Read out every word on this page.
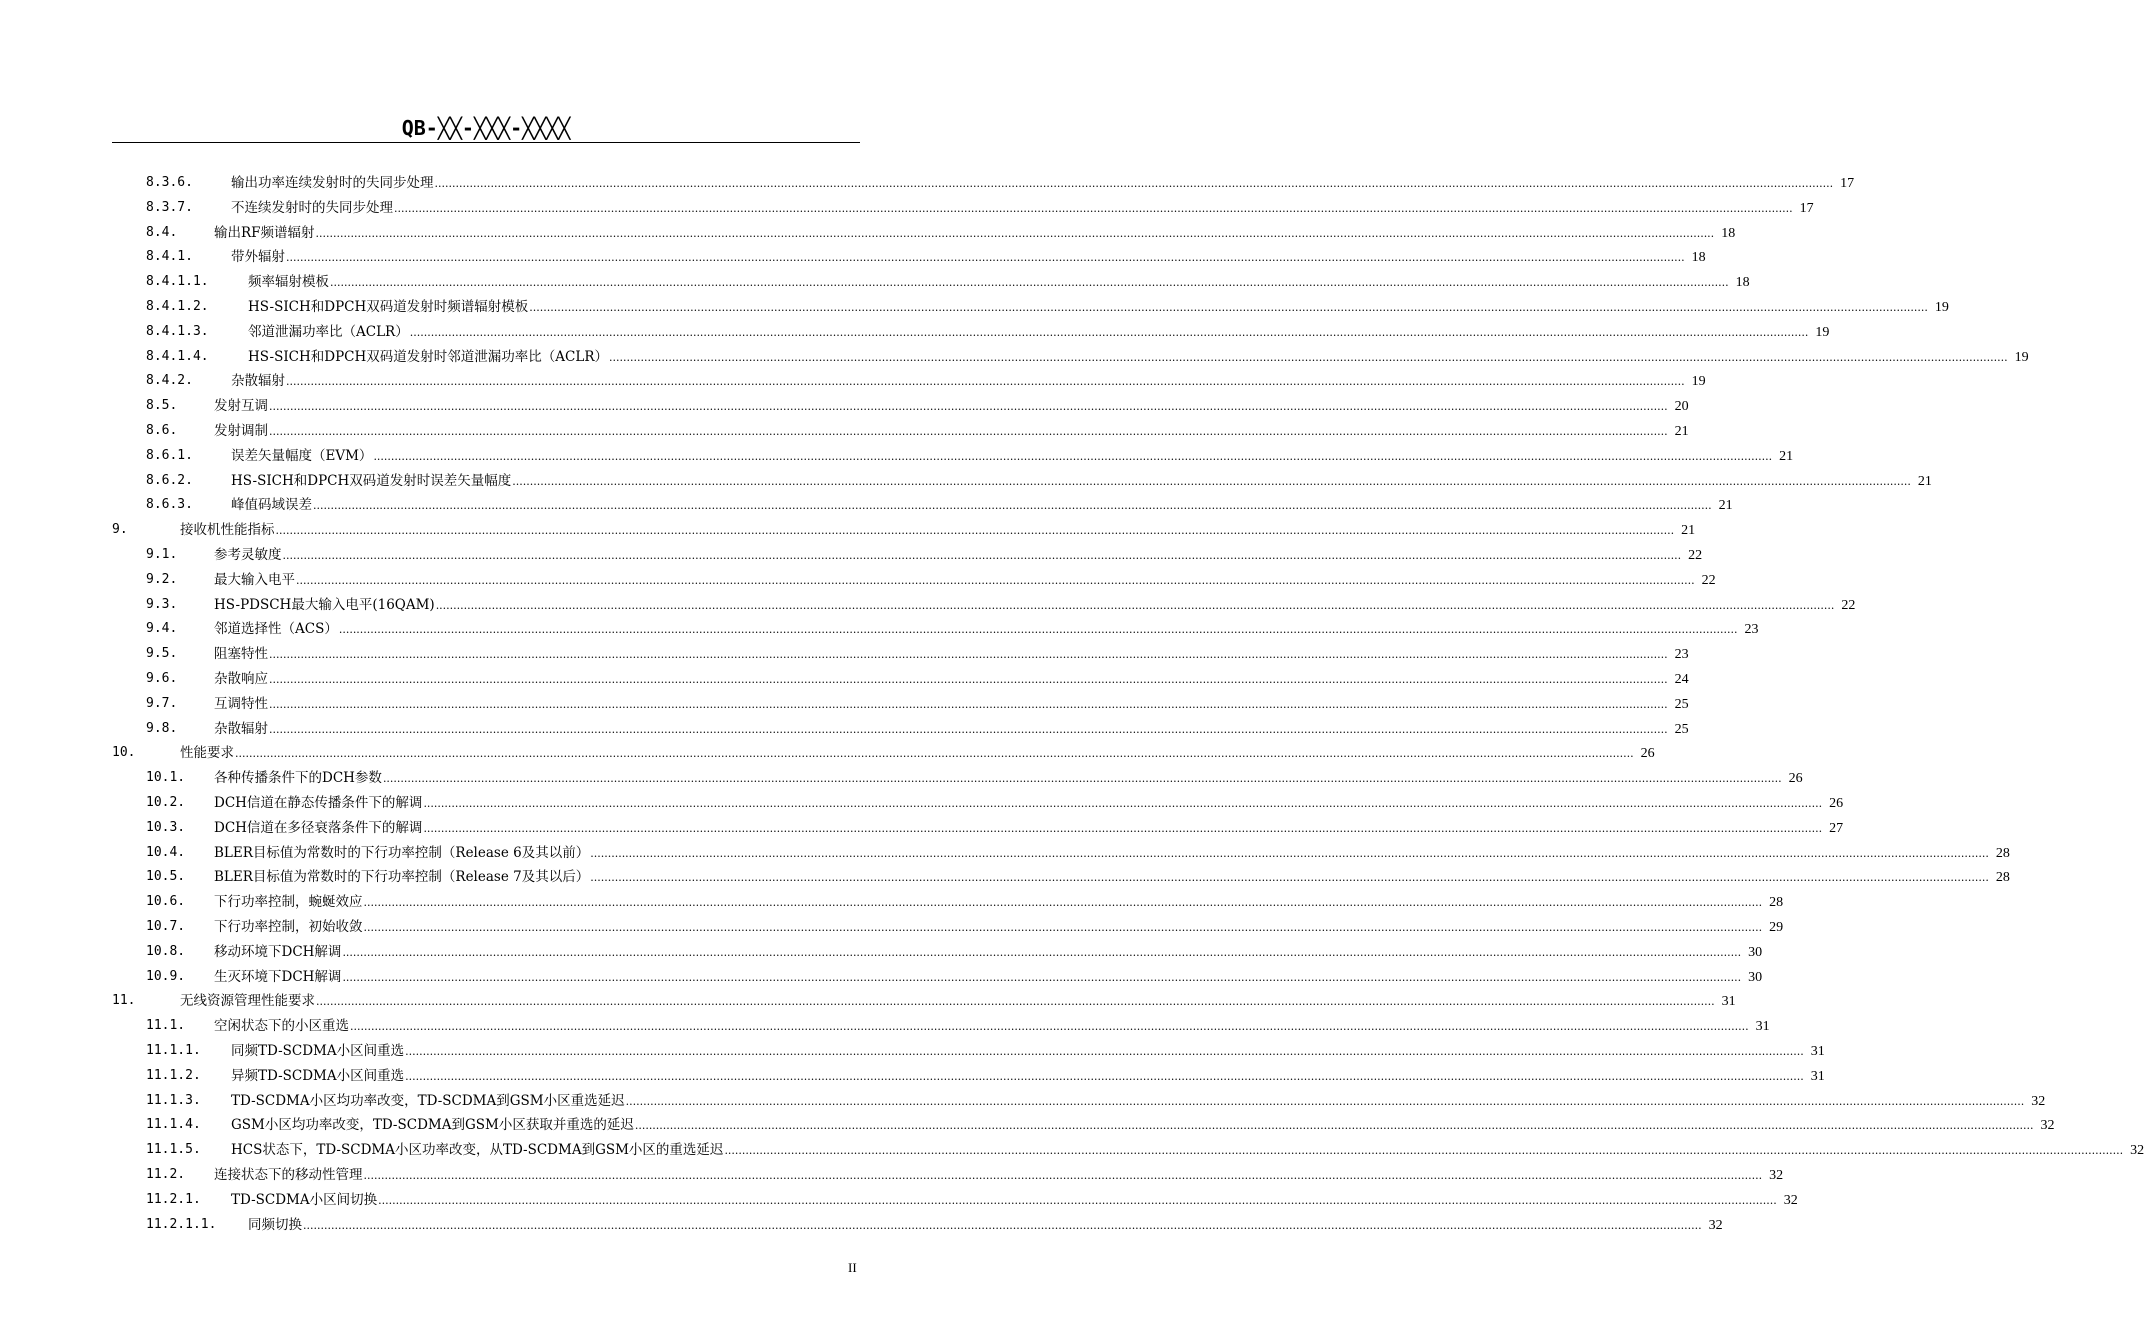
QB-╳╳-╳╳╳-╳╳╳╳
8.3.6.	输出功率连续发射时的失同步处理 ................................................................................................................................................................................................................................................................................................................................................................................................................ 17
8.3.7.	不连续发射时的失同步处理 ................................................................................................................................................................................................................................................................................................................................................................................................................ 17
8.4.	输出RF频谱辐射 ................................................................................................................................................................................................................................................................................................................................................................................................................ 18
8.4.1.	带外辐射 ................................................................................................................................................................................................................................................................................................................................................................................................................ 18
8.4.1.1.	频率辐射模板 ................................................................................................................................................................................................................................................................................................................................................................................................................ 18
8.4.1.2.	HS-SICH和DPCH双码道发射时频谱辐射模板 ................................................................................................................................................................................................................................................................................................................................................................................................................ 19
8.4.1.3.	邻道泄漏功率比（ACLR） ................................................................................................................................................................................................................................................................................................................................................................................................................ 19
8.4.1.4.	HS-SICH和DPCH双码道发射时邻道泄漏功率比（ACLR） ................................................................................................................................................................................................................................................................................................................................................................................................................ 19
8.4.2.	杂散辐射 ................................................................................................................................................................................................................................................................................................................................................................................................................ 19
8.5.	发射互调 ................................................................................................................................................................................................................................................................................................................................................................................................................ 20
8.6.	发射调制 ................................................................................................................................................................................................................................................................................................................................................................................................................ 21
8.6.1.	误差矢量幅度（EVM） ................................................................................................................................................................................................................................................................................................................................................................................................................ 21
8.6.2.	HS-SICH和DPCH双码道发射时误差矢量幅度 ................................................................................................................................................................................................................................................................................................................................................................................................................ 21
8.6.3.	峰值码域误差 ................................................................................................................................................................................................................................................................................................................................................................................................................ 21
9.	接收机性能指标 ................................................................................................................................................................................................................................................................................................................................................................................................................ 21
9.1.	参考灵敏度 ................................................................................................................................................................................................................................................................................................................................................................................................................ 22
9.2.	最大输入电平 ................................................................................................................................................................................................................................................................................................................................................................................................................ 22
9.3.	HS-PDSCH最大输入电平(16QAM) ................................................................................................................................................................................................................................................................................................................................................................................................................ 22
9.4.	邻道选择性（ACS） ................................................................................................................................................................................................................................................................................................................................................................................................................ 23
9.5.	阻塞特性 ................................................................................................................................................................................................................................................................................................................................................................................................................ 23
9.6.	杂散响应 ................................................................................................................................................................................................................................................................................................................................................................................................................ 24
9.7.	互调特性 ................................................................................................................................................................................................................................................................................................................................................................................................................ 25
9.8.	杂散辐射 ................................................................................................................................................................................................................................................................................................................................................................................................................ 25
10.	性能要求 ................................................................................................................................................................................................................................................................................................................................................................................................................ 26
10.1. 各种传播条件下的DCH参数 ................................................................................................................................................................................................................................................................................................................................................................................................................ 26
10.2. DCH信道在静态传播条件下的解调 ................................................................................................................................................................................................................................................................................................................................................................................................................ 26
10.3. DCH信道在多径衰落条件下的解调 ................................................................................................................................................................................................................................................................................................................................................................................................................ 27
10.4. BLER目标值为常数时的下行功率控制（Release 6及其以前） ................................................................................................................................................................................................................................................................................................................................................................................................................ 28
10.5. BLER目标值为常数时的下行功率控制（Release 7及其以后） ................................................................................................................................................................................................................................................................................................................................................................................................................ 28
10.6. 下行功率控制，蜿蜒效应 ................................................................................................................................................................................................................................................................................................................................................................................................................ 28
10.7. 下行功率控制，初始收敛 ................................................................................................................................................................................................................................................................................................................................................................................................................ 29
10.8. 移动环境下DCH解调 ................................................................................................................................................................................................................................................................................................................................................................................................................ 30
10.9. 生灭环境下DCH解调 ................................................................................................................................................................................................................................................................................................................................................................................................................ 30
11.	无线资源管理性能要求 ................................................................................................................................................................................................................................................................................................................................................................................................................ 31
11.1. 空闲状态下的小区重选 ................................................................................................................................................................................................................................................................................................................................................................................................................ 31
11.1.1. 同频TD-SCDMA小区间重选 ................................................................................................................................................................................................................................................................................................................................................................................................................ 31
11.1.2. 异频TD-SCDMA小区间重选 ................................................................................................................................................................................................................................................................................................................................................................................................................ 31
11.1.3. TD-SCDMA小区均功率改变，TD-SCDMA到GSM小区重选延迟 ................................................................................................................................................................................................................................................................................................................................................................................................................ 32
11.1.4. GSM小区均功率改变，TD-SCDMA到GSM小区获取并重选的延迟 ................................................................................................................................................................................................................................................................................................................................................................................................................ 32
11.1.5. HCS状态下，TD-SCDMA小区功率改变，从TD-SCDMA到GSM小区的重选延迟 ................................................................................................................................................................................................................................................................................................................................................................................................................ 32
11.2. 连接状态下的移动性管理 ................................................................................................................................................................................................................................................................................................................................................................................................................ 32
11.2.1. TD-SCDMA小区间切换 ................................................................................................................................................................................................................................................................................................................................................................................................................ 32
11.2.1.1. 同频切换 ................................................................................................................................................................................................................................................................................................................................................................................................................ 32
II
